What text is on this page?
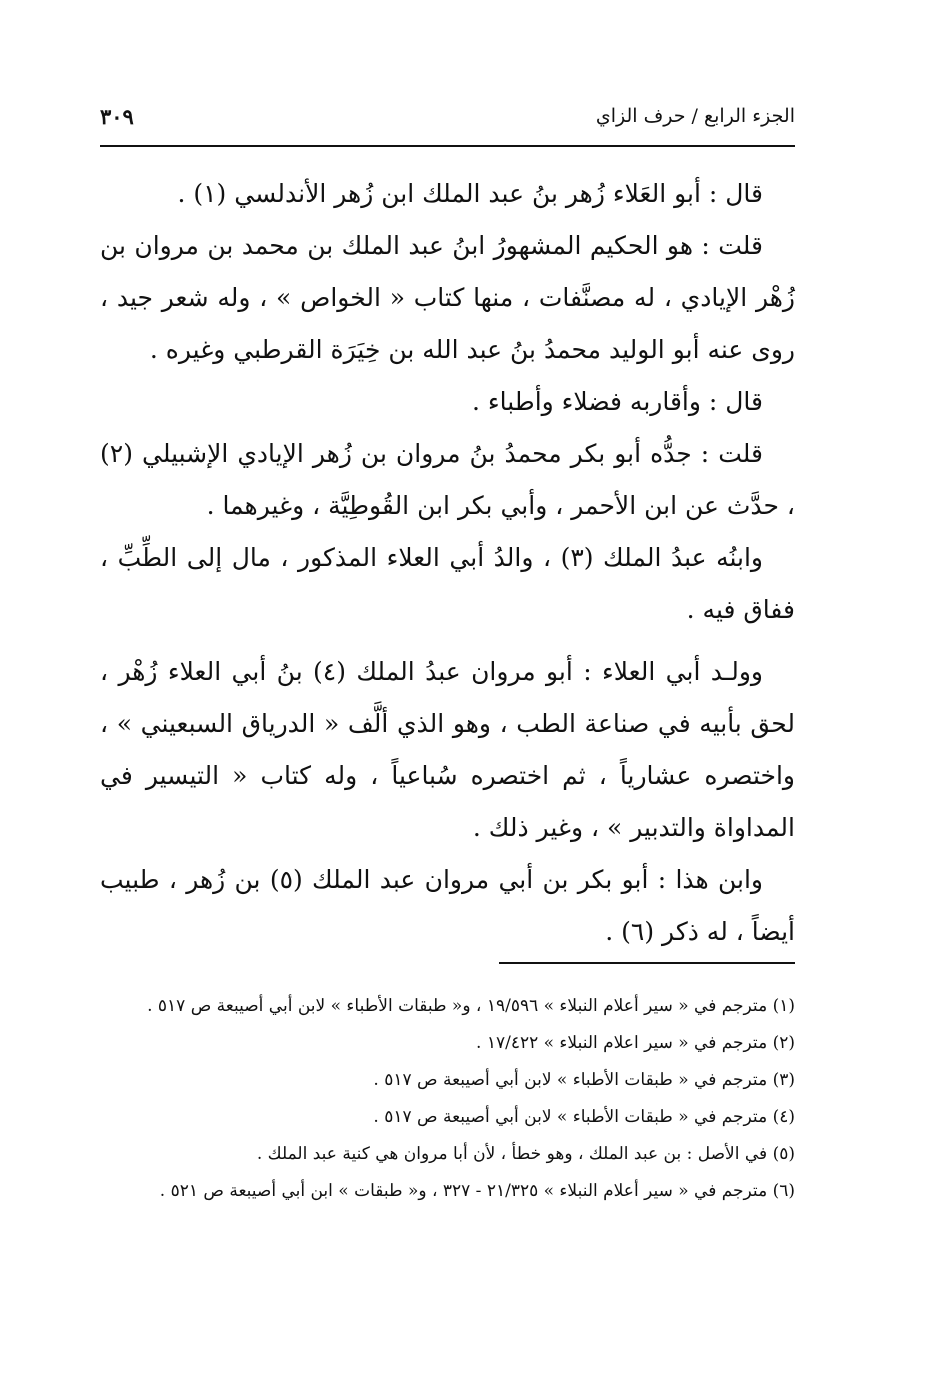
الجزء الرابع / حرف الزاي
٣٠٩

قال : أبو العَلاء زُهر بنُ عبد الملك ابن زُهر الأندلسي (١) .

قلت : هو الحكيم المشهورُ ابنُ عبد الملك بن محمد بن مروان بن زُهْر الإيادي ، له مصنَّفات ، منها كتاب « الخواص » ، وله شعر جيد ، روى عنه أبو الوليد محمدُ بنُ عبد الله بن خِيَرَة القرطبي وغيره .

قال : وأقاربه فضلاء وأطباء .

قلت : جدُّه أبو بكر محمدُ بنُ مروان بن زُهر الإيادي الإشبيلي (٢) ، حدَّث عن ابن الأحمر ، وأبي بكر ابن القُوطِيَّة ، وغيرهما .

وابنُه عبدُ الملك (٣) ، والدُ أبي العلاء المذكور ، مال إلى الطِّبِّ ، ففاق فيه .

وولـد أبي العلاء : أبو مروان عبدُ الملك (٤) بنُ أبي العلاء زُهْر ، لحق بأبيه في صناعة الطب ، وهو الذي ألَّف « الدرياق السبعيني » ، واختصره عشارياً ، ثم اختصره سُباعياً ، وله كتاب « التيسير في المداواة والتدبير » ، وغير ذلك .

وابن هذا : أبو بكر بن أبي مروان عبد الملك (٥) بن زُهر ، طبيب أيضاً ، له ذكر (٦) .

(١) مترجم في « سير أعلام النبلاء » ١٩/٥٩٦ ، و« طبقات الأطباء » لابن أبي أصيبعة ص ٥١٧ .

(٢) مترجم في « سير اعلام النبلاء » ١٧/٤٢٢ .

(٣) مترجم في « طبقات الأطباء » لابن أبي أصيبعة ص ٥١٧ .

(٤) مترجم في « طبقات الأطباء » لابن أبي أصيبعة ص ٥١٧ .

(٥) في الأصل : بن عبد الملك ، وهو خطأ ، لأن أبا مروان هي كنية عبد الملك .

(٦) مترجم في « سير أعلام النبلاء » ٢١/٣٢٥ - ٣٢٧ ، و« طبقات » ابن أبي أصيبعة ص ٥٢١ .
